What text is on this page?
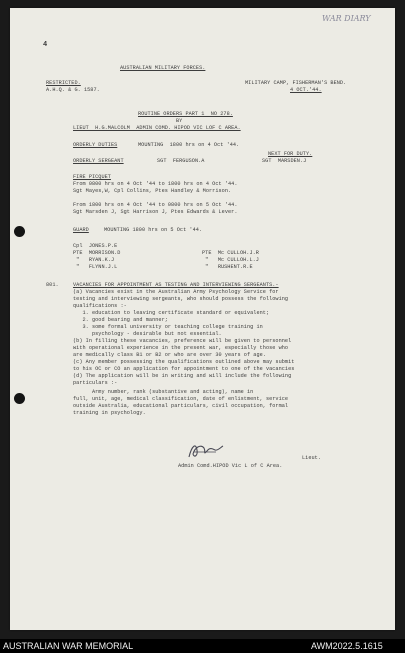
WAR DIARY
4
AUSTRALIAN MILITARY FORCES.
RESTRICTED.
A.H.Q. & G. 1587.
MILITARY CAMP, FISHERMAN'S BEND.
4 OCT.'44.
ROUTINE ORDERS PART 1  NO 278.
BY
LIEUT  H.G.MALCOLM  ADMIN COMD. HIPOD VIC LOF C AREA.
ORDERLY DUTIES	MOUNTING  1800 hrs on 4 Oct '44.
NEXT FOR DUTY.
ORDERLY SERGEANT	SGT  FERGUSON.A	SGT  MARSDEN.J
FIRE PICQUET
From 0800 hrs on 4 Oct '44 to 1800 hrs on 4 Oct '44.
Sgt Mayes,W, Cpl Collins, Ptes Handley & Morrison.
From 1800 hrs on 4 Oct '44 to 0800 hrs on 5 Oct '44.
Sgt Marsden J, Sgt Harrison J, Ptes Edwards & Lever.
GUARD	MOUNTING 1800 hrs on 5 Oct '44.
Cpl  JONES.P.E
PTE  MORRISON.D
"   RYAN.K.J
"   FLYNN.J.L
PTE  Mc CULLOH.J.R
"   Mc CULLOH.L.J
"   RUSHENT.R.E
801.	VACANCIES FOR APPOINTMENT AS TESTING AND INTERVIEWING SERGEANTS.-
(a) Vacancies exist in the Australian Army Psychology Service for
testing and interviewing sergeants, who should possess the following
qualifications :-
1. education to leaving certificate standard or equivalent;
2. good bearing and manner;
3. some formal university or teaching college training in
psychology - desirable but not essential.
(b) In filling these vacancies, preference will be given to personnel
with operational experience in the present war, especially those who
are medically class B1 or B2 or who are over 30 years of age.
(c) Any member possessing the qualifications outlined above may submit
to his OC or CO an application for appointment to one of the vacancies
(d) The application will be in writing and will include the following
particulars :-
Army number, rank (substantive and acting), name in
full, unit, age, medical classification, date of enlistment, service
outside Australia, educational particulars, civil occupation, formal
training in psychology.
Lieut.
Admin Comd.HIPOD Vic L of C Area.
AUSTRALIAN WAR MEMORIAL	AWM2022.5.1615
